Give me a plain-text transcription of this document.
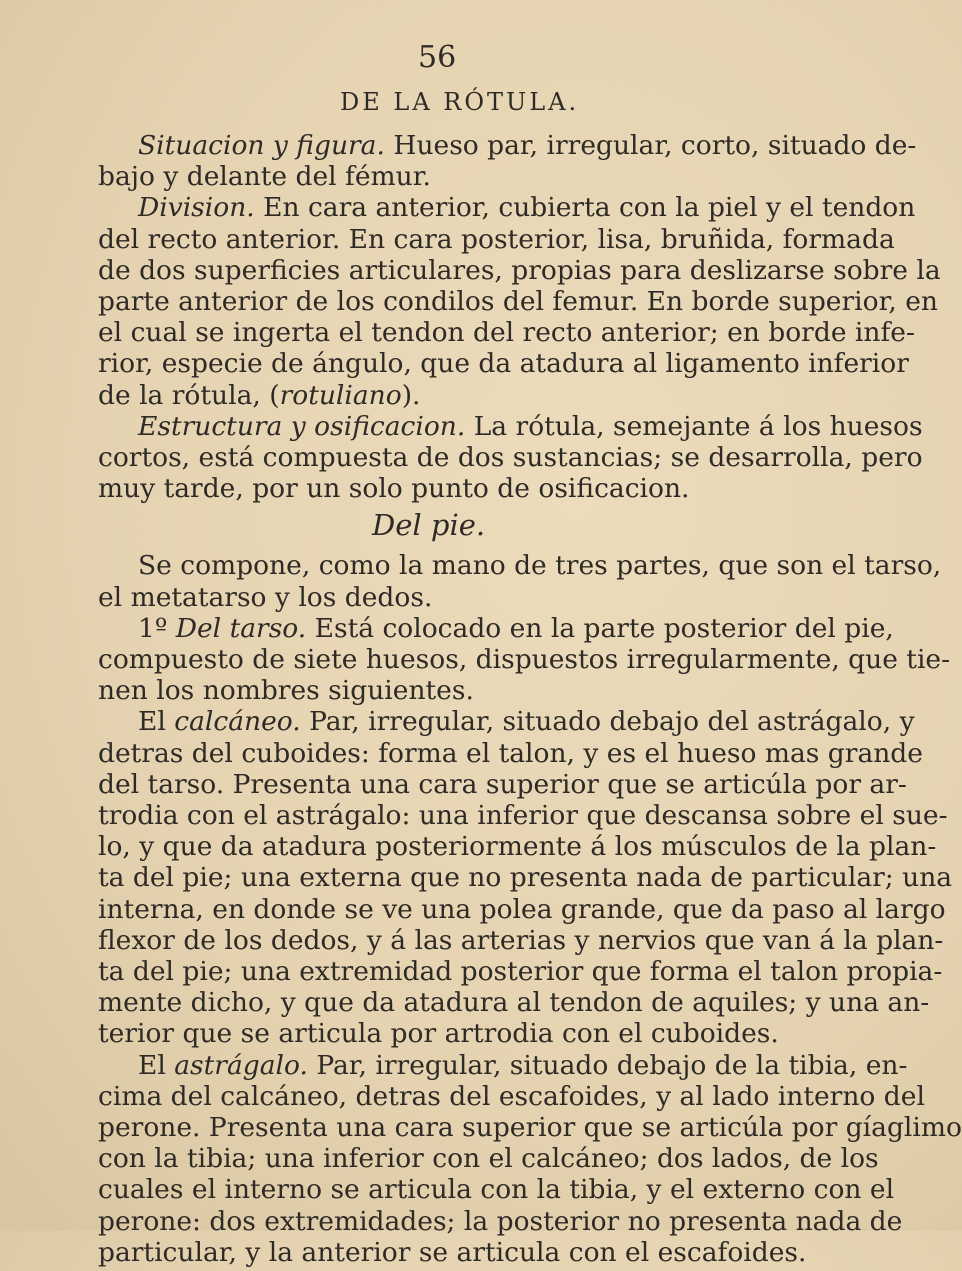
56
DE LA RÓTULA.
Situacion y figura. Hueso par, irregular, corto, situado de-
bajo y delante del fémur.
Division. En cara anterior, cubierta con la piel y el tendon
del recto anterior. En cara posterior, lisa, bruñida, formada
de dos superficies articulares, propias para deslizarse sobre la
parte anterior de los condilos del femur. En borde superior, en
el cual se ingerta el tendon del recto anterior; en borde infe-
rior, especie de ángulo, que da atadura al ligamento inferior
de la rótula, (rotuliano).
Estructura y osificacion. La rótula, semejante á los huesos
cortos, está compuesta de dos sustancias; se desarrolla, pero
muy tarde, por un solo punto de osificacion.
Del pie.
Se compone, como la mano de tres partes, que son el tarso,
el metatarso y los dedos.
1º Del tarso. Está colocado en la parte posterior del pie,
compuesto de siete huesos, dispuestos irregularmente, que tie-
nen los nombres siguientes.
El calcáneo. Par, irregular, situado debajo del astrágalo, y
detras del cuboides: forma el talon, y es el hueso mas grande
del tarso. Presenta una cara superior que se articúla por ar-
trodia con el astrágalo: una inferior que descansa sobre el sue-
lo, y que da atadura posteriormente á los músculos de la plan-
ta del pie; una externa que no presenta nada de particular; una
interna, en donde se ve una polea grande, que da paso al largo
flexor de los dedos, y á las arterias y nervios que van á la plan-
ta del pie; una extremidad posterior que forma el talon propia-
mente dicho, y que da atadura al tendon de aquiles; y una an-
terior que se articula por artrodia con el cuboides.
El astrágalo. Par, irregular, situado debajo de la tibia, en-
cima del calcáneo, detras del escafoides, y al lado interno del
perone. Presenta una cara superior que se articúla por gíaglimo
con la tibia; una inferior con el calcáneo; dos lados, de los
cuales el interno se articula con la tibia, y el externo con el
perone: dos extremidades; la posterior no presenta nada de
particular, y la anterior se articula con el escafoides.
